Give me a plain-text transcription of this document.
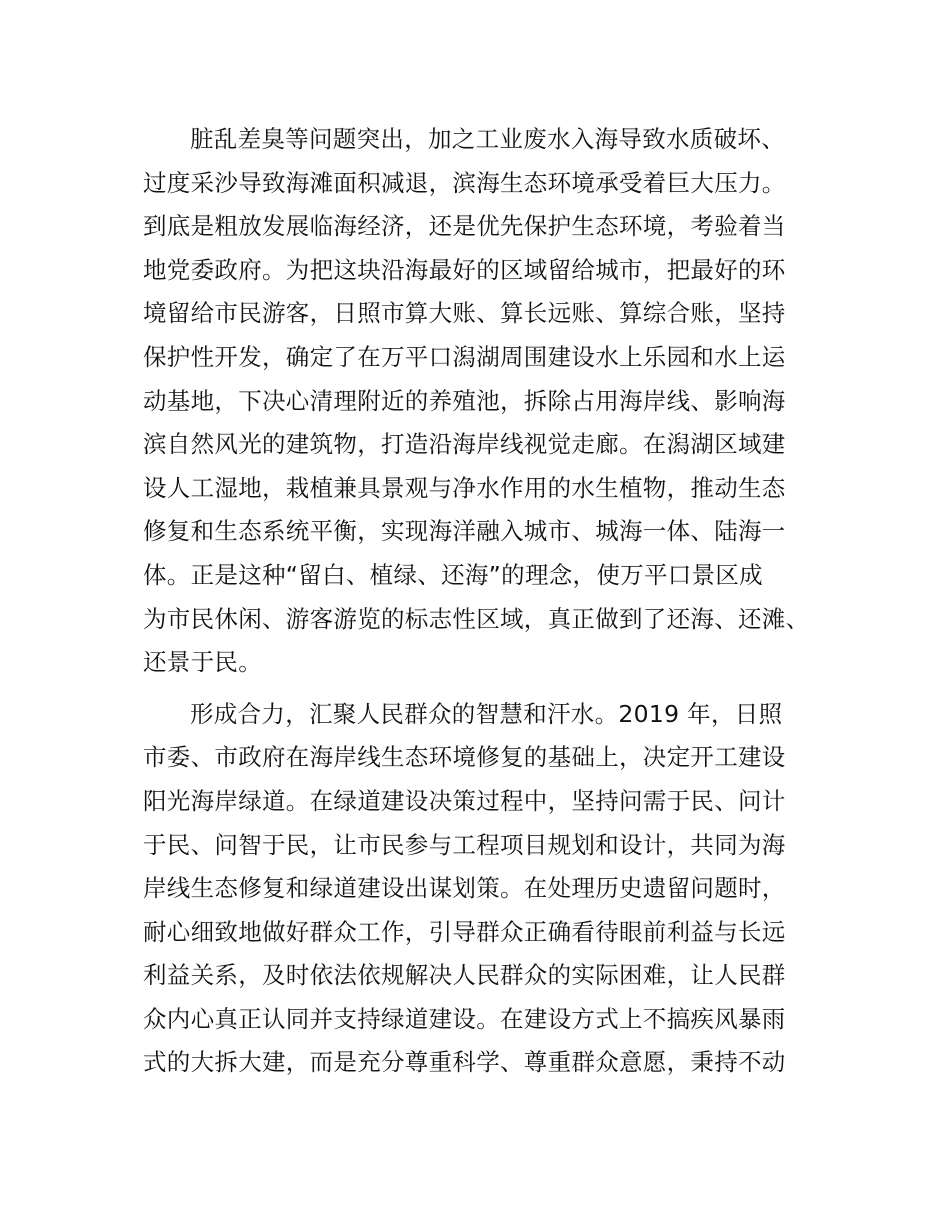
脏乱差臭等问题突出，加之工业废水入海导致水质破坏、
过度采沙导致海滩面积减退，滨海生态环境承受着巨大压力。
到底是粗放发展临海经济，还是优先保护生态环境，考验着当
地党委政府。为把这块沿海最好的区域留给城市，把最好的环
境留给市民游客，日照市算大账、算长远账、算综合账，坚持
保护性开发，确定了在万平口潟湖周围建设水上乐园和水上运
动基地，下决心清理附近的养殖池，拆除占用海岸线、影响海
滨自然风光的建筑物，打造沿海岸线视觉走廊。在潟湖区域建
设人工湿地，栽植兼具景观与净水作用的水生植物，推动生态
修复和生态系统平衡，实现海洋融入城市、城海一体、陆海一
体。正是这种“留白、植绿、还海”的理念，使万平口景区成
为市民休闲、游客游览的标志性区域，真正做到了还海、还滩、
还景于民。
形成合力，汇聚人民群众的智慧和汗水。2019 年，日照
市委、市政府在海岸线生态环境修复的基础上，决定开工建设
阳光海岸绿道。在绿道建设决策过程中，坚持问需于民、问计
于民、问智于民，让市民参与工程项目规划和设计，共同为海
岸线生态修复和绿道建设出谋划策。在处理历史遗留问题时，
耐心细致地做好群众工作，引导群众正确看待眼前利益与长远
利益关系，及时依法依规解决人民群众的实际困难，让人民群
众内心真正认同并支持绿道建设。在建设方式上不搞疾风暴雨
式的大拆大建，而是充分尊重科学、尊重群众意愿，秉持不动
